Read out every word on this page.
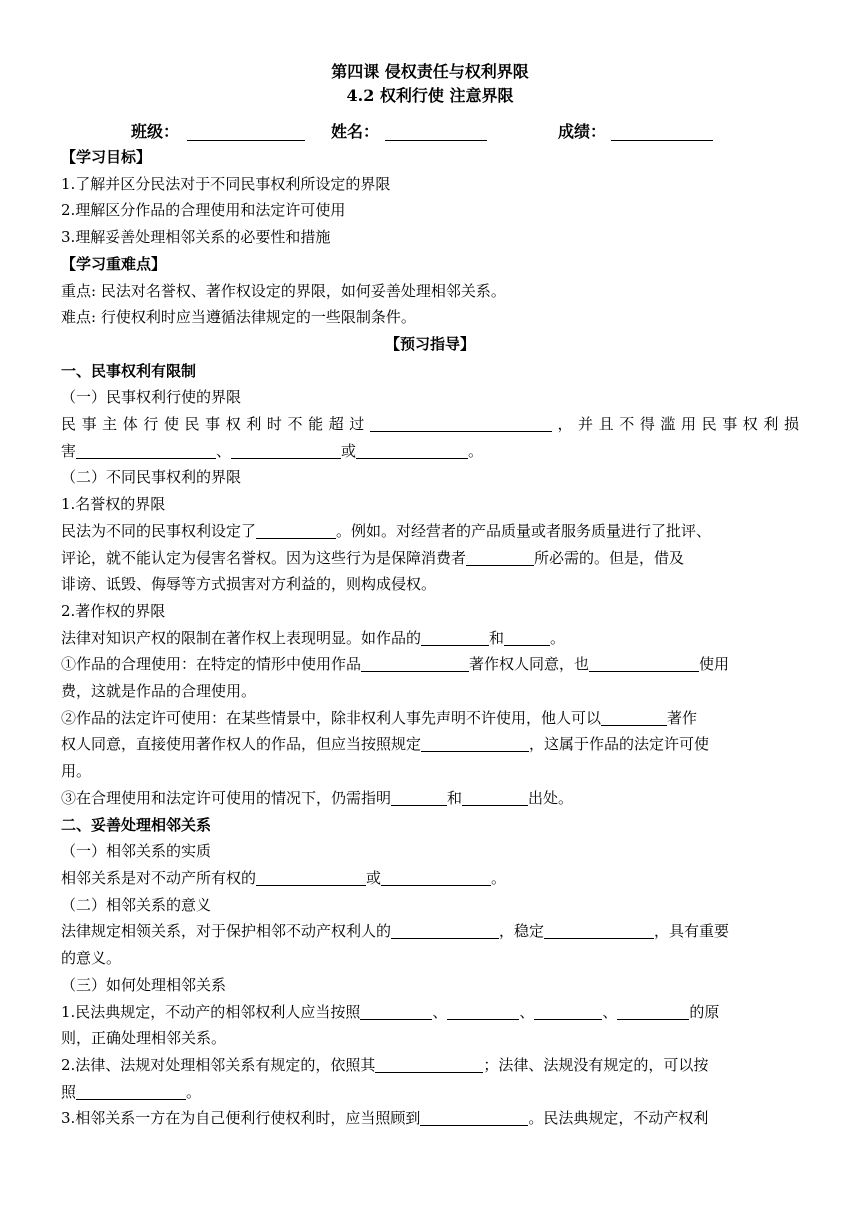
第四课 侵权责任与权利界限
4.2 权利行使 注意界限
班级：	姓名：	成绩：

【学习目标】

1.了解并区分民法对于不同民事权利所设定的界限

2.理解区分作品的合理使用和法定许可使用

3.理解妥善处理相邻关系的必要性和措施

【学习重难点】

重点: 民法对名誉权、著作权设定的界限，如何妥善处理相邻关系。

难点: 行使权利时应当遵循法律规定的一些限制条件。

【预习指导】

一、民事权利有限制

（一）民事权利行使的界限

民事主体行使民事权利时不能超过	，并且不得滥用民事权利损

害	、	或	。

（二）不同民事权利的界限

1.名誉权的界限

民法为不同的民事权利设定了	。例如。对经营者的产品质量或者服务质量进行了批评、

评论，就不能认定为侵害名誉权。因为这些行为是保障消费者	所必需的。但是，借及

诽谤、诋毁、侮辱等方式损害对方利益的，则构成侵权。

2.著作权的界限

法律对知识产权的限制在著作权上表现明显。如作品的	和	。

①作品的合理使用：在特定的情形中使用作品	著作权人同意，也	使用

费，这就是作品的合理使用。

②作品的法定许可使用：在某些情景中，除非权利人事先声明不许使用，他人可以	著作

权人同意，直接使用著作权人的作品，但应当按照规定	，这属于作品的法定许可使

用。

③在合理使用和法定许可使用的情况下，仍需指明	和	出处。

二、妥善处理相邻关系

（一）相邻关系的实质

相邻关系是对不动产所有权的	或	。

（二）相邻关系的意义

法律规定相领关系，对于保护相邻不动产权利人的	，稳定	，具有重要

的意义。

（三）如何处理相邻关系

1.民法典规定，不动产的相邻权利人应当按照	、	、	、	的原

则，正确处理相邻关系。

2.法律、法规对处理相邻关系有规定的，依照其	；法律、法规没有规定的，可以按

照	。

3.相邻关系一方在为自己便利行使权利时，应当照顾到	。民法典规定，不动产权利
